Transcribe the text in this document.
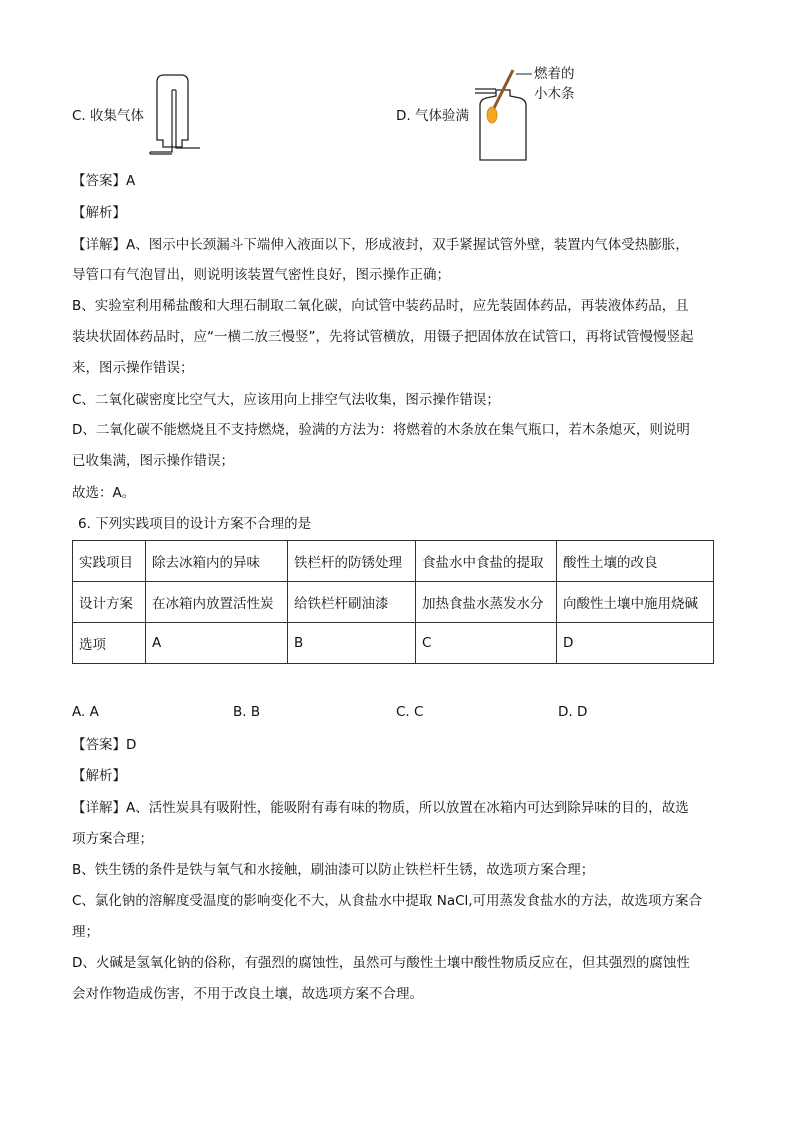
C. 收集气体	D. 气体验满
燃着的
小木条
【答案】A
【解析】
【详解】A、图示中长颈漏斗下端伸入液面以下，形成液封，双手紧握试管外壁，装置内气体受热膨胀，
导管口有气泡冒出，则说明该装置气密性良好，图示操作正确；
B、实验室利用稀盐酸和大理石制取二氧化碳，向试管中装药品时，应先装固体药品，再装液体药品，且
装块状固体药品时，应“一横二放三慢竖”，先将试管横放，用镊子把固体放在试管口，再将试管慢慢竖起
来，图示操作错误；
C、二氧化碳密度比空气大，应该用向上排空气法收集，图示操作错误；
D、二氧化碳不能燃烧且不支持燃烧，验满的方法为：将燃着的木条放在集气瓶口，若木条熄灭，则说明
已收集满，图示操作错误；
故选：A。
6. 下列实践项目的设计方案不合理的是
实践项目	除去冰箱内的异味	铁栏杆的防锈处理	食盐水中食盐的提取	酸性土壤的改良
设计方案	在冰箱内放置活性炭	给铁栏杆刷油漆	加热食盐水蒸发水分	向酸性土壤中施用烧碱
选项	A	B	C	D
A. A	B. B	C. C	D. D
【答案】D
【解析】
【详解】A、活性炭具有吸附性，能吸附有毒有味的物质，所以放置在冰箱内可达到除异味的目的，故选
项方案合理；
B、铁生锈的条件是铁与氧气和水接触，刷油漆可以防止铁栏杆生锈，故选项方案合理；
C、氯化钠的溶解度受温度的影响变化不大，从食盐水中提取 NaCl,可用蒸发食盐水的方法，故选项方案合
理；
D、火碱是氢氧化钠的俗称，有强烈的腐蚀性，虽然可与酸性土壤中酸性物质反应在，但其强烈的腐蚀性
会对作物造成伤害，不用于改良土壤，故选项方案不合理。
